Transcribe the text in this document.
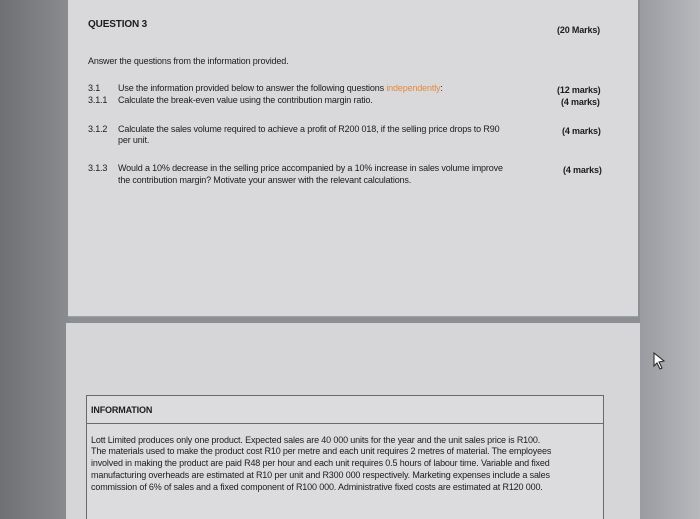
QUESTION 3	(20 Marks)
Answer the questions from the information provided.
3.1 Use the information provided below to answer the following questions independently:	(12 marks)
3.1.1 Calculate the break-even value using the contribution margin ratio.	(4 marks)
3.1.2 Calculate the sales volume required to achieve a profit of R200 018, if the selling price drops to R90
per unit.
(4 marks)
3.1.3 Would a 10% decrease in the selling price accompanied by a 10% increase in sales volume improve
the contribution margin? Motivate your answer with the relevant calculations.
(4 marks)
INFORMATION
Lott Limited produces only one product. Expected sales are 40 000 units for the year and the unit sales price is R100.
The materials used to make the product cost R10 per metre and each unit requires 2 metres of material. The employees
involved in making the product are paid R48 per hour and each unit requires 0.5 hours of labour time. Variable and fixed
manufacturing overheads are estimated at R10 per unit and R300 000 respectively. Marketing expenses include a sales
commission of 6% of sales and a fixed component of R100 000. Administrative fixed costs are estimated at R120 000.
